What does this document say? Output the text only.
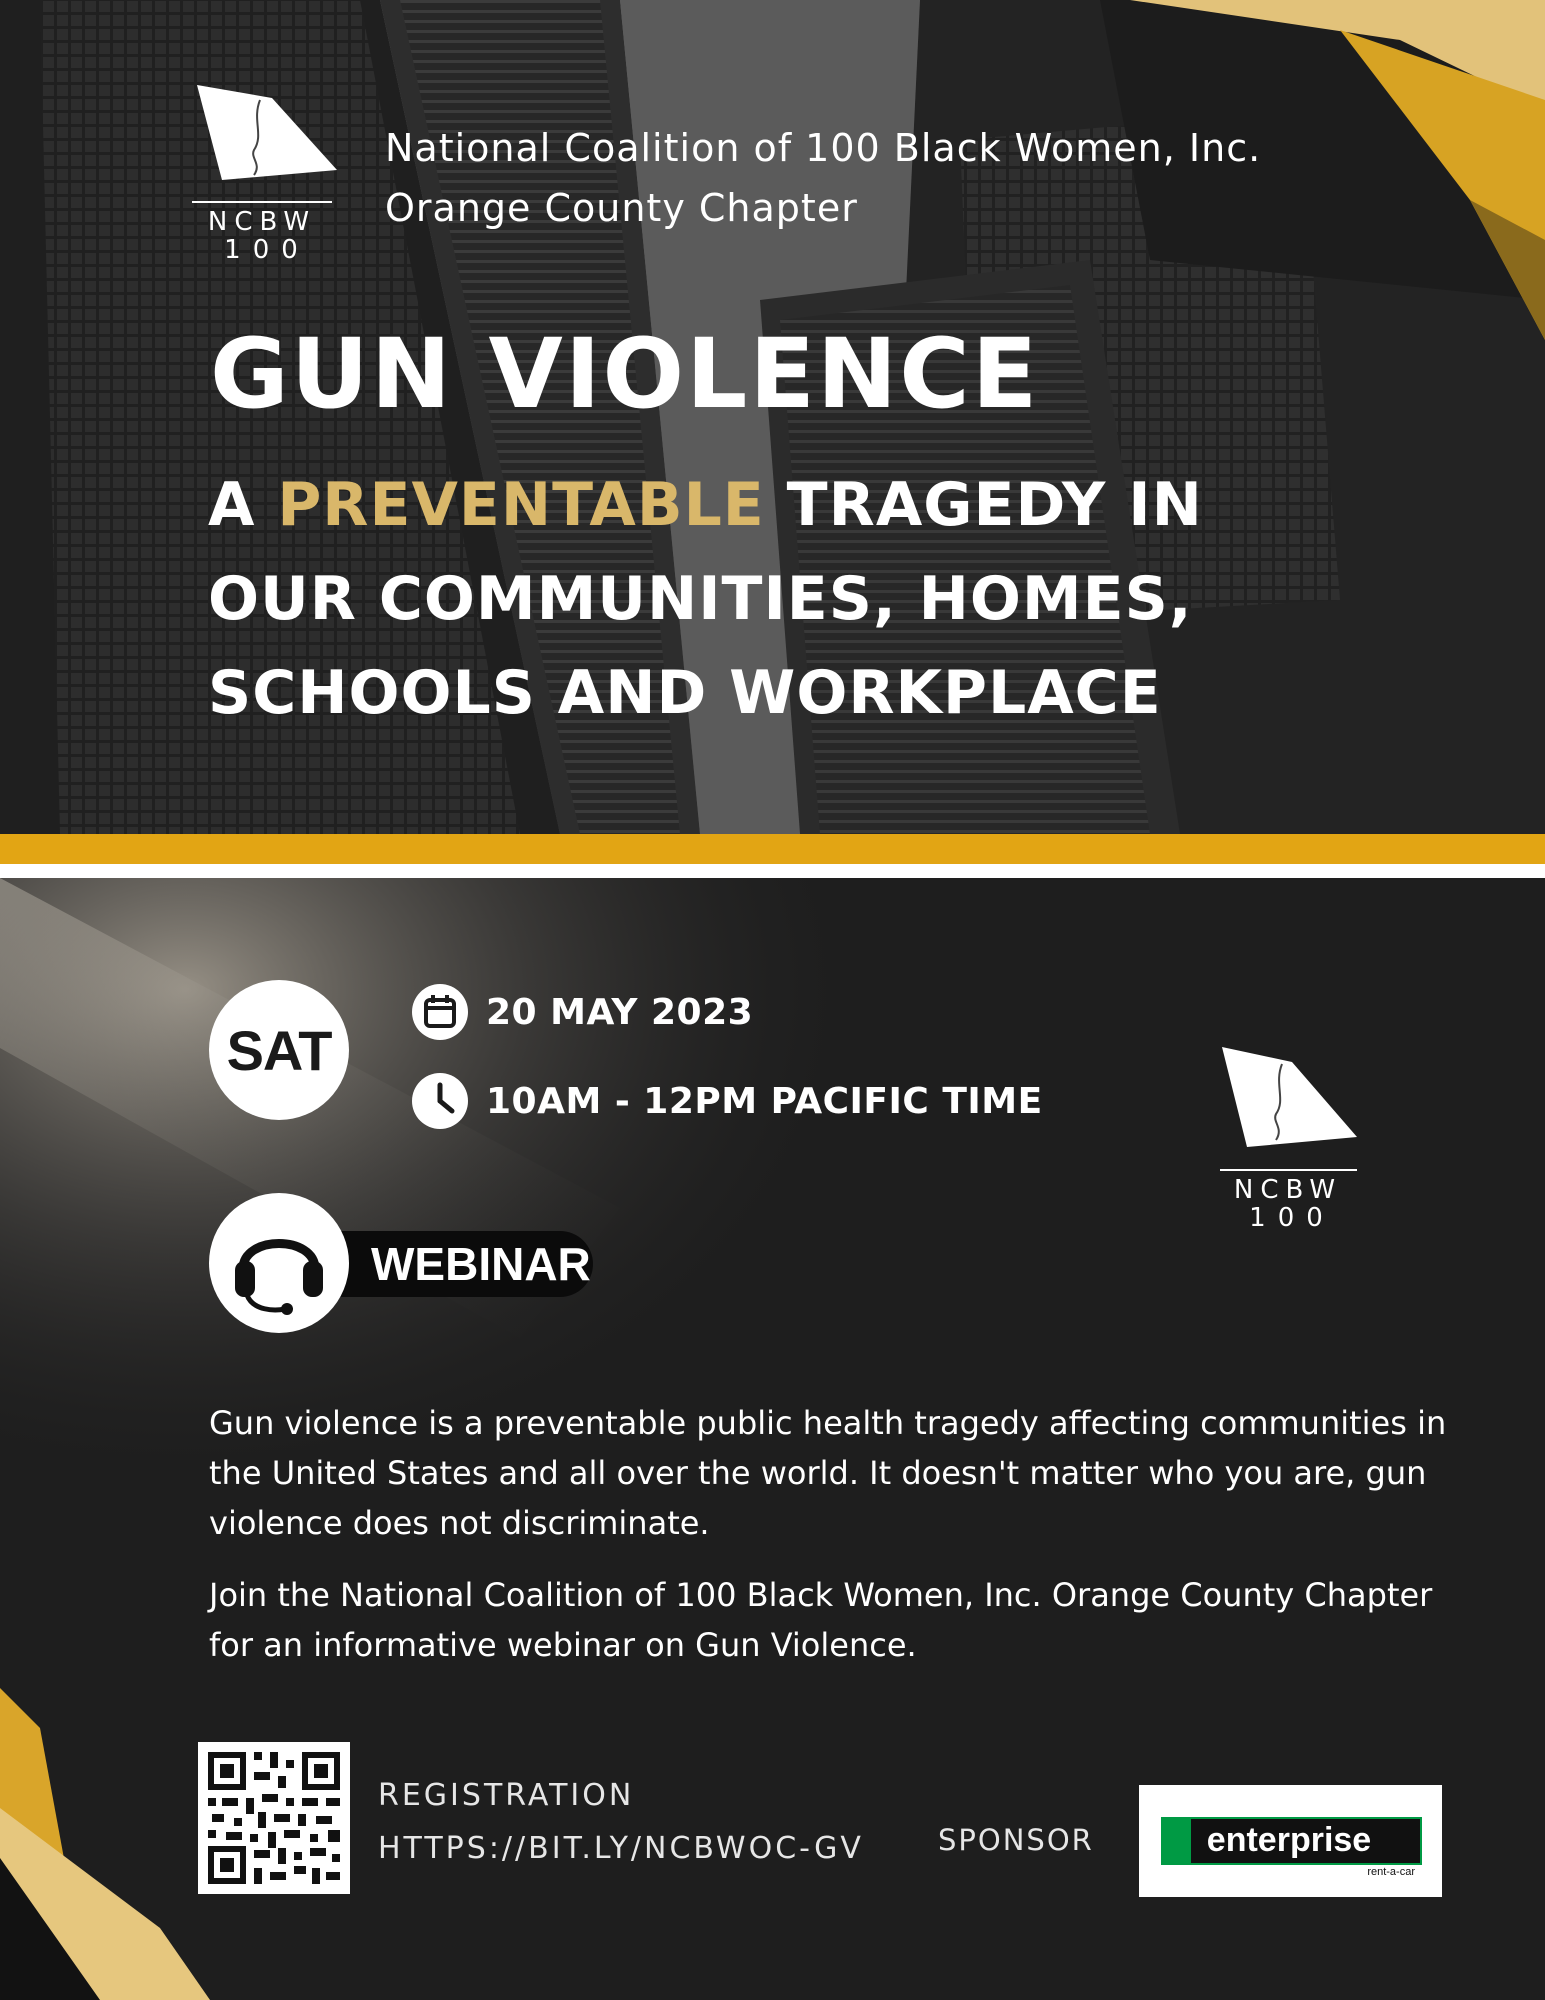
NCBW
100
National Coalition of 100 Black Women, Inc.
Orange County Chapter
GUN VIOLENCE
A PREVENTABLE TRAGEDY IN
OUR COMMUNITIES, HOMES,
SCHOOLS AND WORKPLACE
SAT
20 MAY 2023
10AM - 12PM PACIFIC TIME
WEBINAR
NCBW
100
Gun violence is a preventable public health tragedy affecting communities in the United States and all over the world. It doesn't matter who you are, gun violence does not discriminate.
Join the National Coalition of 100 Black Women, Inc. Orange County Chapter for an informative webinar on Gun Violence.
REGISTRATION
HTTPS://BIT.LY/NCBWOC-GV	SPONSOR	enterprise
rent-a-car
